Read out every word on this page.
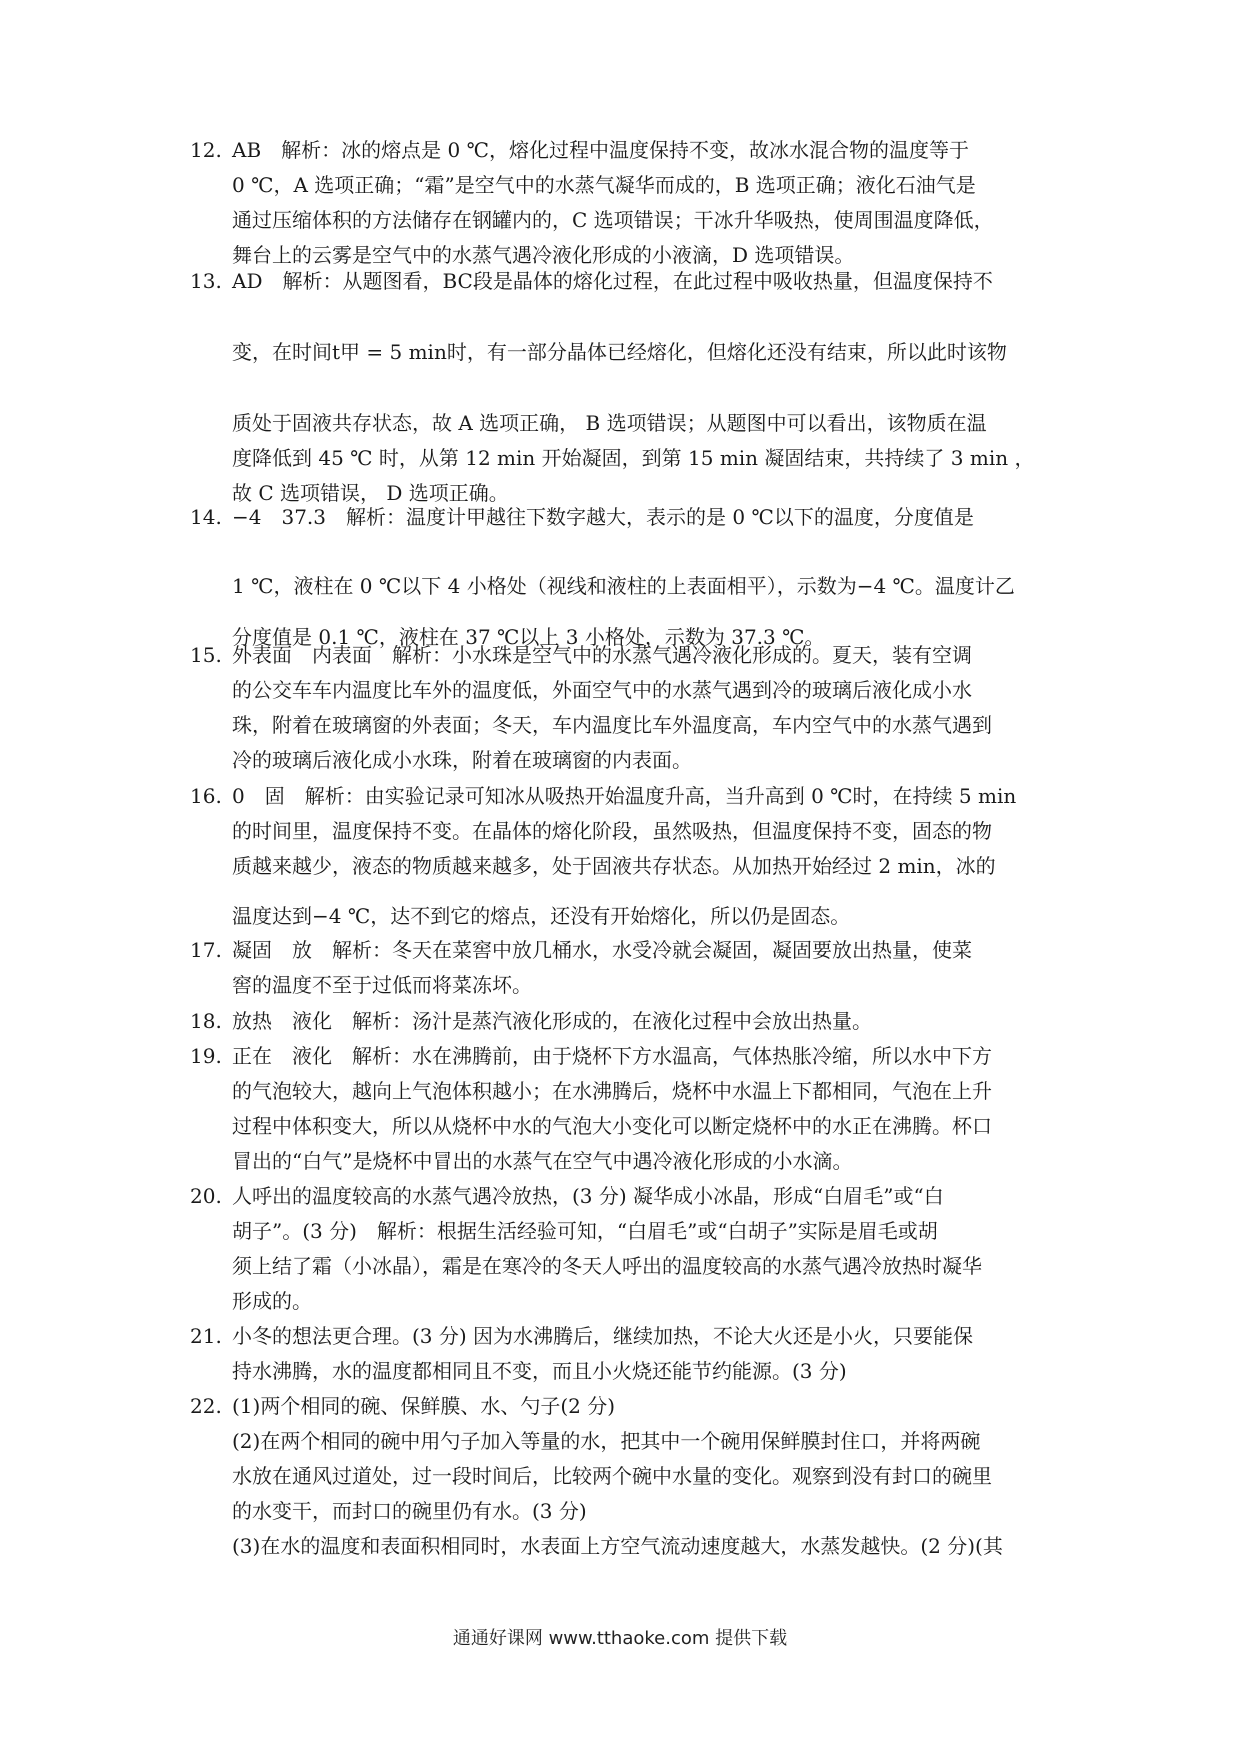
12. AB　解析：冰的熔点是 0 ℃，熔化过程中温度保持不变，故冰水混合物的温度等于
0 ℃，A 选项正确；“霜”是空气中的水蒸气凝华而成的，B 选项正确；液化石油气是
通过压缩体积的方法储存在钢罐内的，C 选项错误；干冰升华吸热，使周围温度降低，
舞台上的云雾是空气中的水蒸气遇冷液化形成的小液滴，D 选项错误。
13. AD　解析：从题图看，BC段是晶体的熔化过程，在此过程中吸收热量，但温度保持不
变，在时间t甲 = 5 min时，有一部分晶体已经熔化，但熔化还没有结束，所以此时该物
质处于固液共存状态，故 A 选项正确， B 选项错误；从题图中可以看出，该物质在温
度降低到 45 ℃ 时，从第 12 min 开始凝固，到第 15 min 凝固结束，共持续了 3 min ，
故 C 选项错误， D 选项正确。
14. −4　37.3　解析：温度计甲越往下数字越大，表示的是 0 ℃以下的温度，分度值是
1 ℃，液柱在 0 ℃以下 4 小格处（视线和液柱的上表面相平），示数为−4 ℃。温度计乙
分度值是 0.1 ℃，液柱在 37 ℃以上 3 小格处，示数为 37.3 ℃。
15. 外表面　内表面　解析：小水珠是空气中的水蒸气遇冷液化形成的。夏天，装有空调
的公交车车内温度比车外的温度低，外面空气中的水蒸气遇到冷的玻璃后液化成小水
珠，附着在玻璃窗的外表面；冬天，车内温度比车外温度高，车内空气中的水蒸气遇到
冷的玻璃后液化成小水珠，附着在玻璃窗的内表面。
16. 0　固　解析：由实验记录可知冰从吸热开始温度升高，当升高到 0 ℃时，在持续 5 min
的时间里，温度保持不变。在晶体的熔化阶段，虽然吸热，但温度保持不变，固态的物
质越来越少，液态的物质越来越多，处于固液共存状态。从加热开始经过 2 min，冰的
温度达到−4 ℃，达不到它的熔点，还没有开始熔化，所以仍是固态。
17. 凝固　放　解析：冬天在菜窖中放几桶水，水受冷就会凝固，凝固要放出热量，使菜
窖的温度不至于过低而将菜冻坏。
18. 放热　液化　解析：汤汁是蒸汽液化形成的，在液化过程中会放出热量。
19. 正在　液化　解析：水在沸腾前，由于烧杯下方水温高，气体热胀冷缩，所以水中下方
的气泡较大，越向上气泡体积越小；在水沸腾后，烧杯中水温上下都相同，气泡在上升
过程中体积变大，所以从烧杯中水的气泡大小变化可以断定烧杯中的水正在沸腾。杯口
冒出的“白气”是烧杯中冒出的水蒸气在空气中遇冷液化形成的小水滴。
20. 人呼出的温度较高的水蒸气遇冷放热，(3 分) 凝华成小冰晶，形成“白眉毛”或“白
胡子”。(3 分)　解析：根据生活经验可知，“白眉毛”或“白胡子”实际是眉毛或胡
须上结了霜（小冰晶），霜是在寒冷的冬天人呼出的温度较高的水蒸气遇冷放热时凝华
形成的。
21. 小冬的想法更合理。(3 分) 因为水沸腾后，继续加热，不论大火还是小火，只要能保
持水沸腾，水的温度都相同且不变，而且小火烧还能节约能源。(3 分)
22. (1)两个相同的碗、保鲜膜、水、勺子(2 分)
(2)在两个相同的碗中用勺子加入等量的水，把其中一个碗用保鲜膜封住口，并将两碗
水放在通风过道处，过一段时间后，比较两个碗中水量的变化。观察到没有封口的碗里
的水变干，而封口的碗里仍有水。(3 分)
(3)在水的温度和表面积相同时，水表面上方空气流动速度越大，水蒸发越快。(2 分)(其
通通好课网 www.tthaoke.com 提供下载
